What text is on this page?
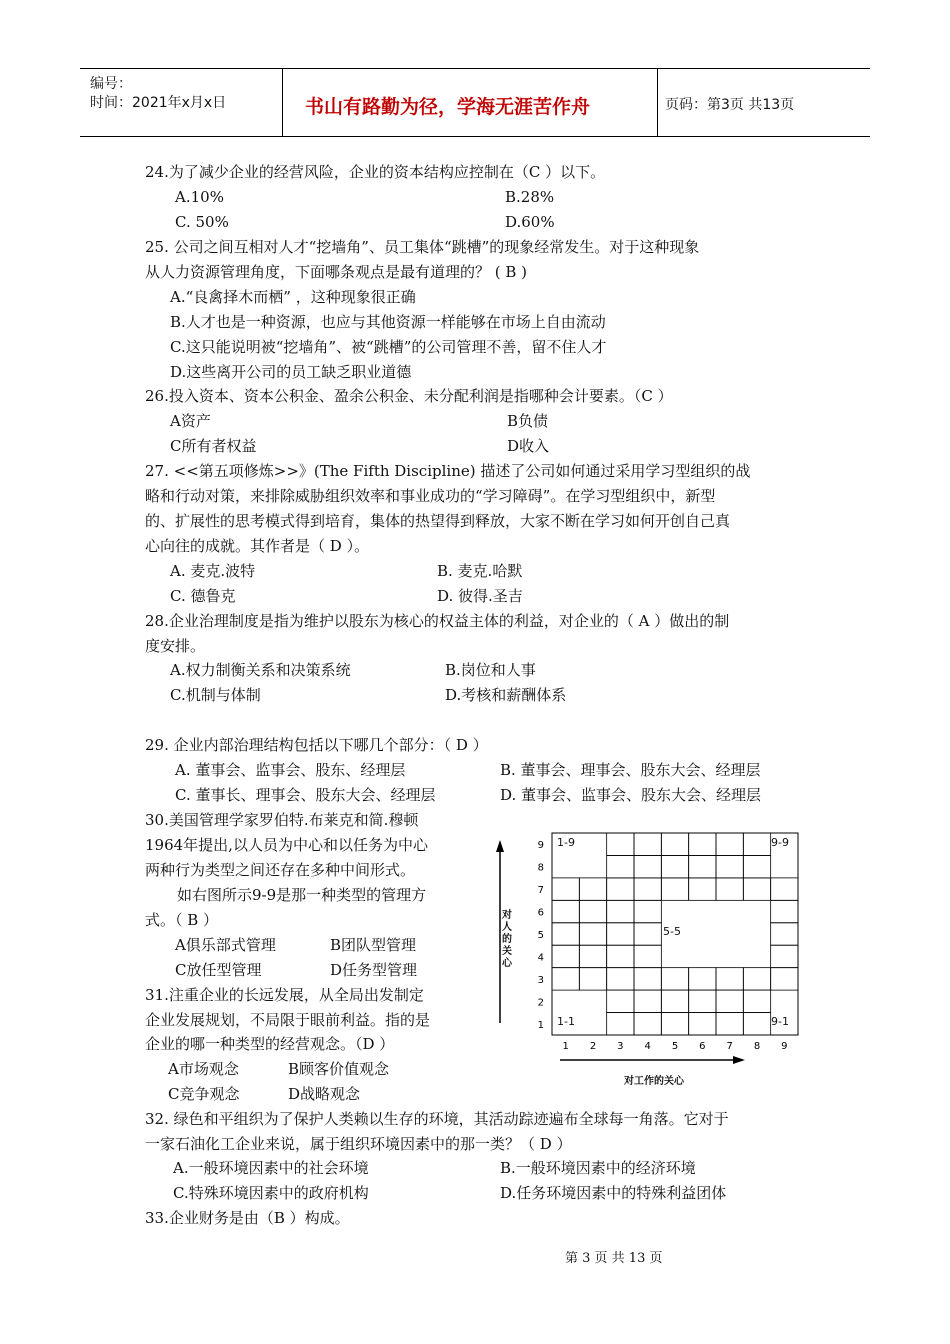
编号：
时间：2021年x月x日	书山有路勤为径，学海无涯苦作舟	页码：第3页 共13页
24.为了减少企业的经营风险，企业的资本结构应控制在（C ）以下。
A.10%	B.28%
C. 50%	D.60%
25. 公司之间互相对人才“挖墙角”、员工集体“跳槽”的现象经常发生。对于这种现象
从人力资源管理角度，下面哪条观点是最有道理的？ ( B )
A.“良禽择木而栖” ，这种现象很正确
B.人才也是一种资源，也应与其他资源一样能够在市场上自由流动
C.这只能说明被“挖墙角”、被“跳槽”的公司管理不善，留不住人才
D.这些离开公司的员工缺乏职业道德
26.投入资本、资本公积金、盈余公积金、未分配利润是指哪种会计要素。（C ）
A资产	B负债
C所有者权益	D收入
27. <<第五项修炼>>》(The Fifth Discipline) 描述了公司如何通过采用学习型组织的战
略和行动对策，来排除威胁组织效率和事业成功的“学习障碍”。在学习型组织中，新型
的、扩展性的思考模式得到培育，集体的热望得到释放，大家不断在学习如何开创自己真
心向往的成就。其作者是（ D ）。
A. 麦克.波特	B. 麦克.哈默
C. 德鲁克	D. 彼得.圣吉
28.企业治理制度是指为维护以股东为核心的权益主体的利益，对企业的（ A ）做出的制
度安排。
A.权力制衡关系和决策系统	B.岗位和人事
C.机制与体制	D.考核和薪酬体系
29. 企业内部治理结构包括以下哪几个部分：（ D ）
A. 董事会、监事会、股东、经理层	B. 董事会、理事会、股东大会、经理层
C. 董事长、理事会、股东大会、经理层	D. 董事会、监事会、股东大会、经理层
30.美国管理学家罗伯特.布莱克和简.穆顿
1964年提出,以人员为中心和以任务为中心
两种行为类型之间还存在多种中间形式。
如右图所示9-9是那一种类型的管理方
式。（ B ）
A俱乐部式管理	B团队型管理
C放任型管理	D任务型管理
31.注重企业的长远发展，从全局出发制定
企业发展规划，不局限于眼前利益。指的是
企业的哪一种类型的经营观念。（D ）
A市场观念	B顾客价值观念
C竞争观念	D战略观念
32. 绿色和平组织为了保护人类赖以生存的环境，其活动踪迹遍布全球每一角落。它对于
一家石油化工企业来说，属于组织环境因素中的那一类？（ D ）
A.一般环境因素中的社会环境	B.一般环境因素中的经济环境
C.特殊环境因素中的政府机构	D.任务环境因素中的特殊利益团体
33.企业财务是由（B ）构成。
1 2 3 4 5 6 7 8 9
1
2
3
4
5
6
7
8
9 1-9	9-9
5-5
1-1	9-1
对工作的关心
对人的关心
第 3 页 共 13 页
